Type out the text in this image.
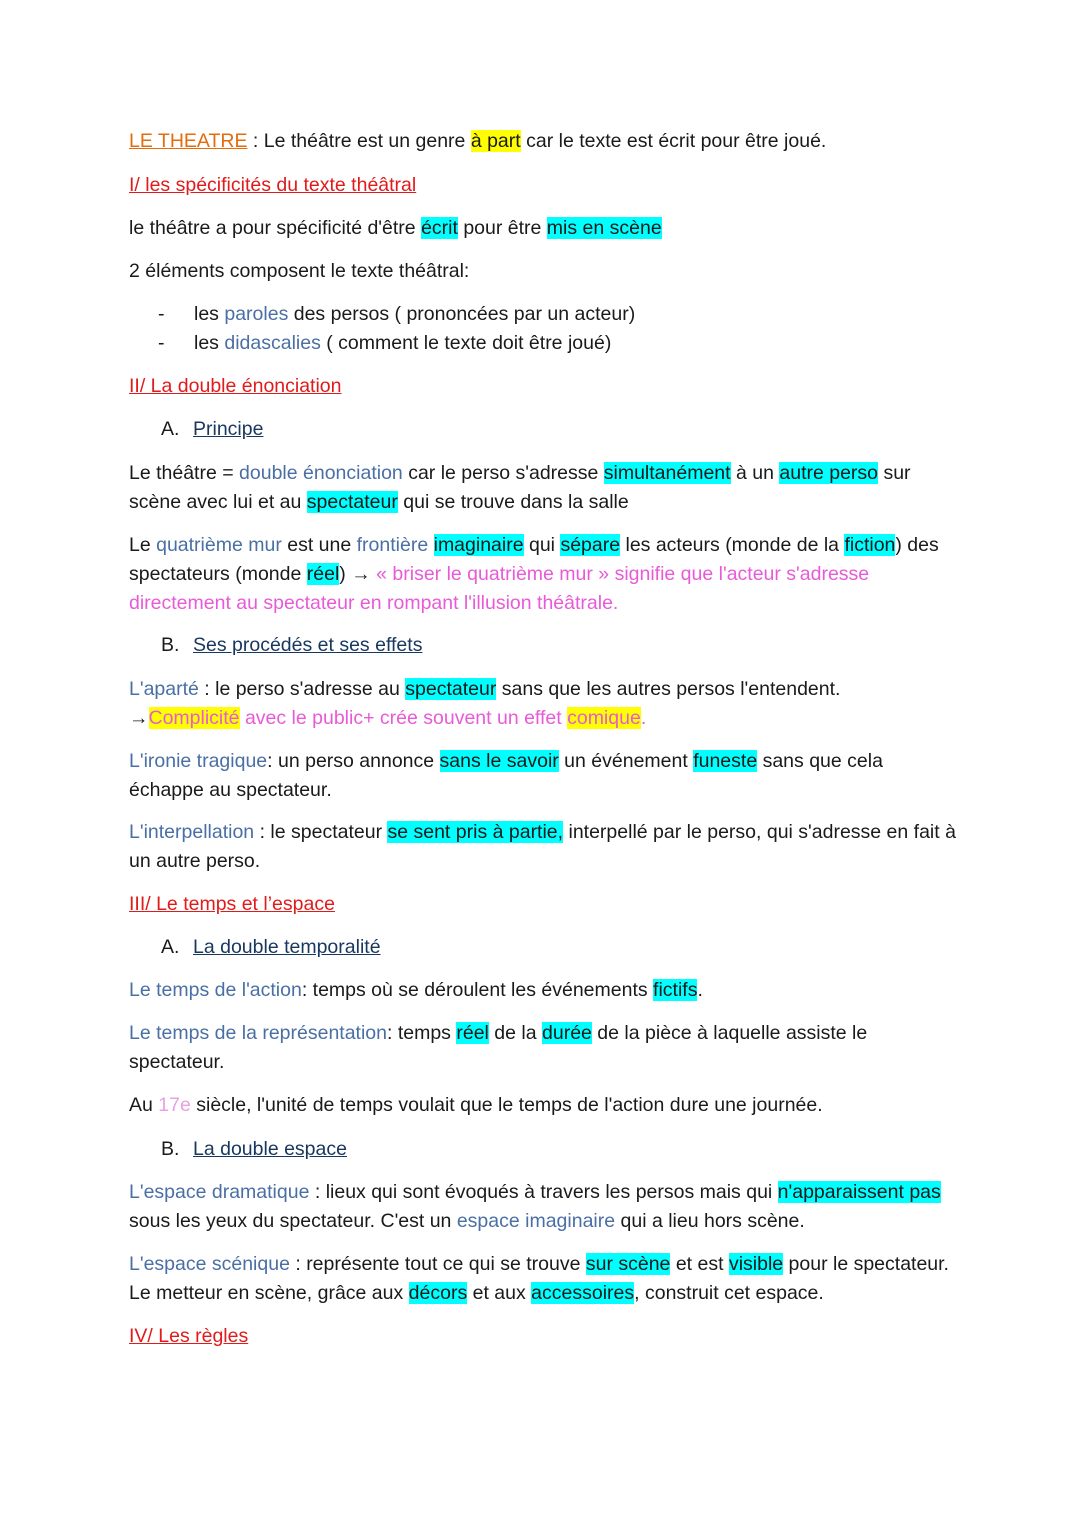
LE THEATRE : Le théâtre est un genre à part car le texte est écrit pour être joué.

I/ les spécificités du texte théâtral

le théâtre a pour spécificité d'être écrit pour être mis en scène

2 éléments composent le texte théâtral:

- les paroles des persos ( prononcées par un acteur)

- les didascalies ( comment le texte doit être joué)

II/ La double énonciation

A. Principe

Le théâtre = double énonciation car le perso s'adresse simultanément à un autre perso sur scène avec lui et au spectateur qui se trouve dans la salle

Le quatrième mur est une frontière imaginaire qui sépare les acteurs (monde de la fiction) des spectateurs (monde réel) → « briser le quatrième mur » signifie que l'acteur s'adresse directement au spectateur en rompant l'illusion théâtrale.

B. Ses procédés et ses effets

L'aparté : le perso s'adresse au spectateur sans que les autres persos l'entendent.
→Complicité avec le public+ crée souvent un effet comique.

L'ironie tragique: un perso annonce sans le savoir un événement funeste sans que cela échappe au spectateur.

L'interpellation : le spectateur se sent pris à partie, interpellé par le perso, qui s'adresse en fait à un autre perso.

III/ Le temps et l’espace

A. La double temporalité

Le temps de l'action: temps où se déroulent les événements fictifs.

Le temps de la représentation: temps réel de la durée de la pièce à laquelle assiste le spectateur.

Au 17e siècle, l'unité de temps voulait que le temps de l'action dure une journée.

B. La double espace

L'espace dramatique : lieux qui sont évoqués à travers les persos mais qui n'apparaissent pas sous les yeux du spectateur. C'est un espace imaginaire qui a lieu hors scène.

L'espace scénique : représente tout ce qui se trouve sur scène et est visible pour le spectateur. Le metteur en scène, grâce aux décors et aux accessoires, construit cet espace.

IV/ Les règles
